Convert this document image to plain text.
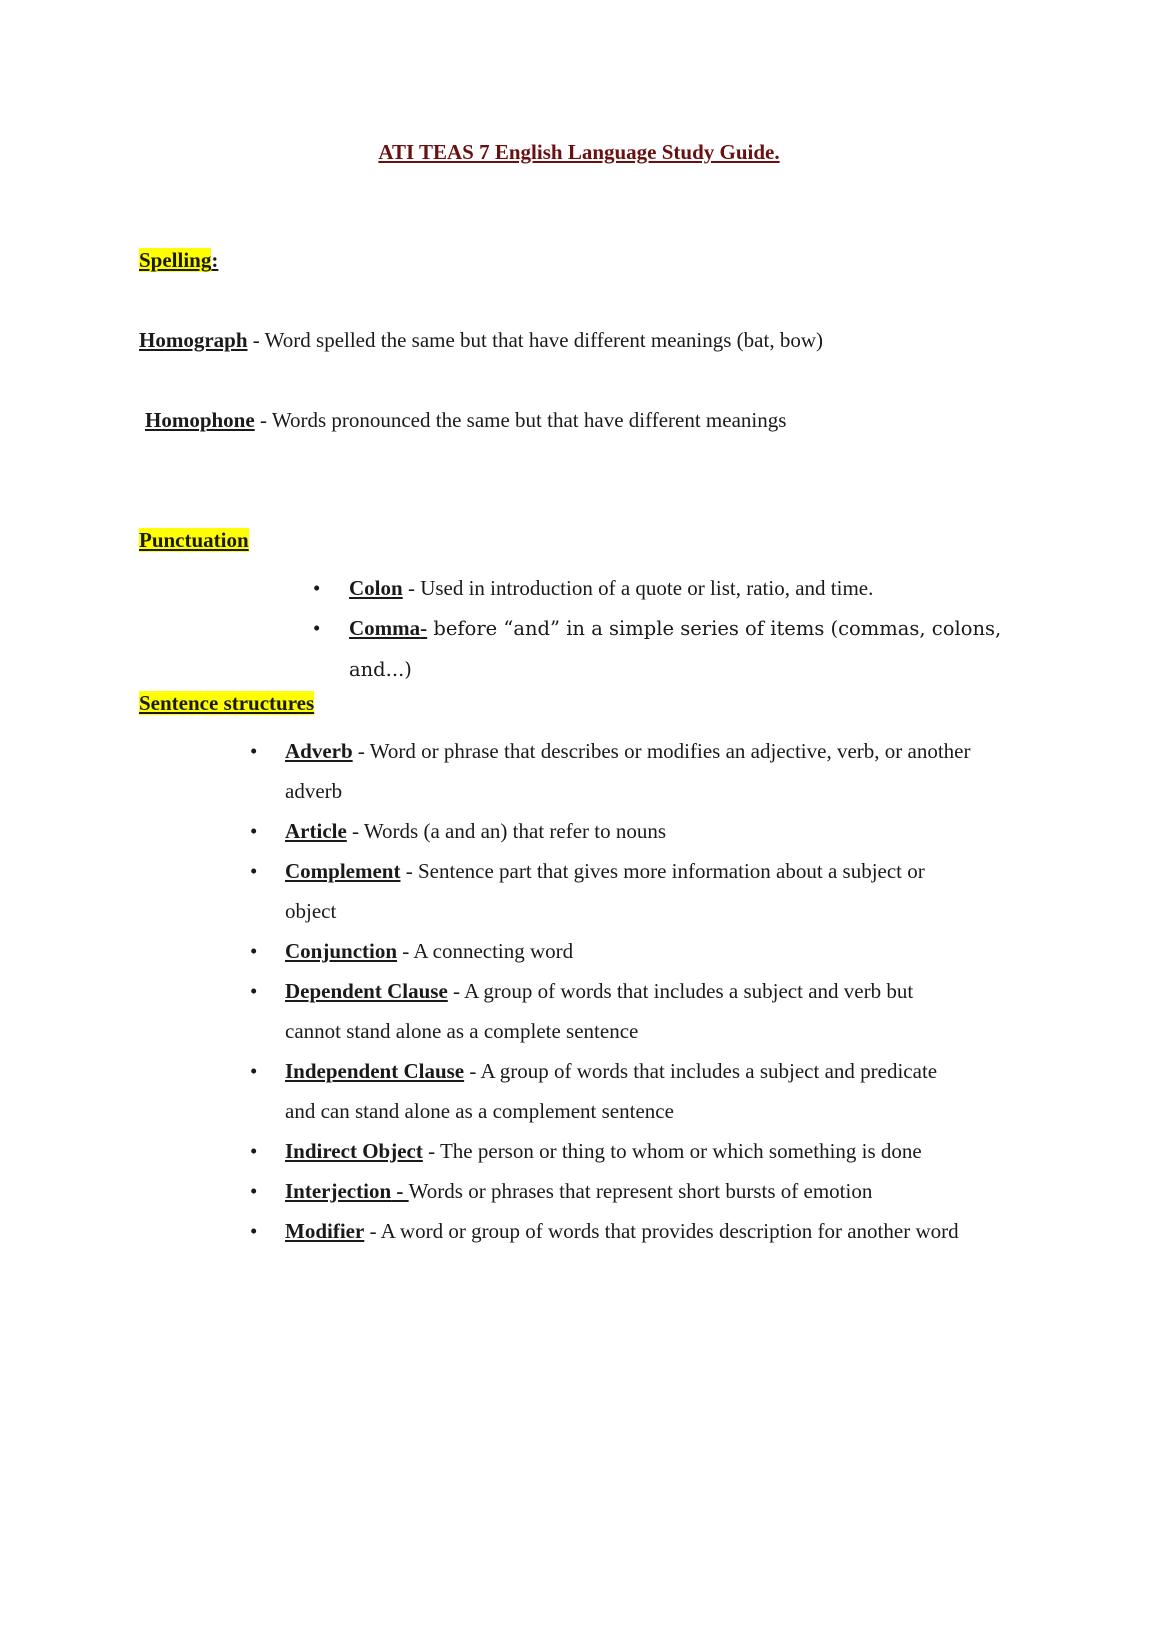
ATI TEAS 7 English Language Study Guide.
Spelling:

Homograph - Word spelled the same but that have different meanings (bat, bow)

Homophone - Words pronounced the same but that have different meanings

Punctuation
• Colon - Used in introduction of a quote or list, ratio, and time.
• Comma- before “and” in a simple series of items (commas, colons, and...)
Sentence structures
• Adverb - Word or phrase that describes or modifies an adjective, verb, or another
adverb
• Article - Words (a and an) that refer to nouns
• Complement - Sentence part that gives more information about a subject or
object
• Conjunction - A connecting word
• Dependent Clause - A group of words that includes a subject and verb but
cannot stand alone as a complete sentence
• Independent Clause - A group of words that includes a subject and predicate
and can stand alone as a complement sentence
• Indirect Object - The person or thing to whom or which something is done
• Interjection - Words or phrases that represent short bursts of emotion
• Modifier - A word or group of words that provides description for another word
